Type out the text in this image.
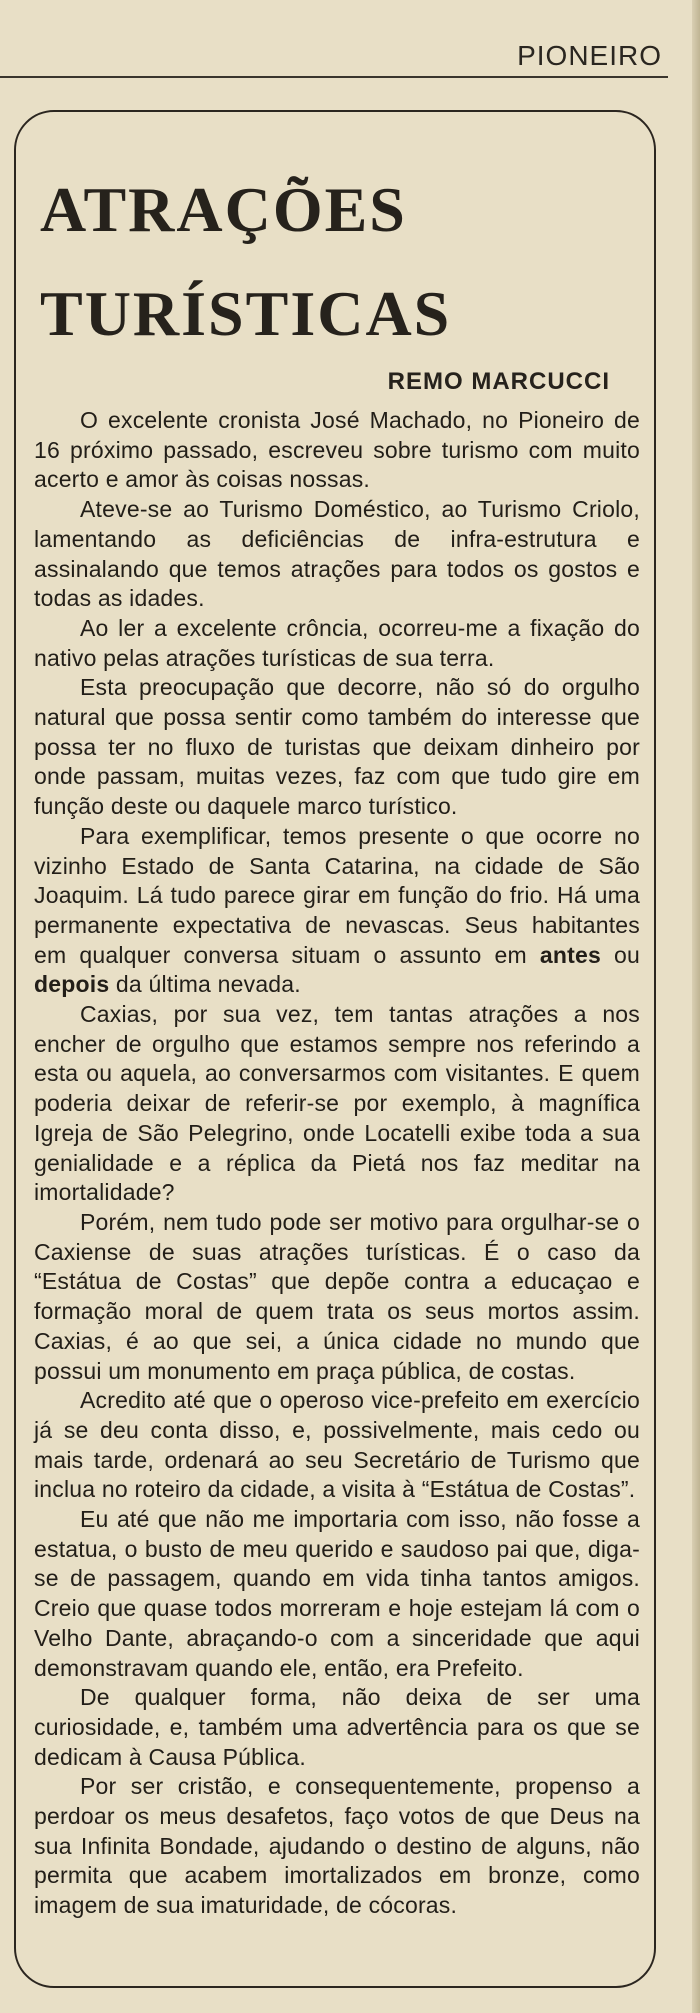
PIONEIRO
ATRAÇÕES
TURÍSTICAS
REMO MARCUCCI

O excelente cronista José Machado, no Pioneiro de 16 próximo passado, escreveu sobre turismo com muito acerto e amor às coisas nossas.

Ateve-se ao Turismo Doméstico, ao Turismo Criolo, lamentando as deficiências de infra-estrutura e assinalando que temos atrações para todos os gostos e todas as idades.

Ao ler a excelente crôncia, ocorreu-me a fixação do nativo pelas atrações turísticas de sua terra.

Esta preocupação que decorre, não só do orgulho natural que possa sentir como também do interesse que possa ter no fluxo de turistas que deixam dinheiro por onde passam, muitas vezes, faz com que tudo gire em função deste ou daquele marco turístico.

Para exemplificar, temos presente o que ocorre no vizinho Estado de Santa Catarina, na cidade de São Joaquim. Lá tudo parece girar em função do frio. Há uma permanente expectativa de nevascas. Seus habitantes em qualquer conversa situam o assunto em antes ou depois da última nevada.

Caxias, por sua vez, tem tantas atrações a nos encher de orgulho que estamos sempre nos referindo a esta ou aquela, ao conversarmos com visitantes. E quem poderia deixar de referir-se por exemplo, à magnífica Igreja de São Pelegrino, onde Locatelli exibe toda a sua genialidade e a réplica da Pietá nos faz meditar na imortalidade?

Porém, nem tudo pode ser motivo para orgulhar-se o Caxiense de suas atrações turísticas. É o caso da “Estátua de Costas” que depõe contra a educaçao e formação moral de quem trata os seus mortos assim. Caxias, é ao que sei, a única cidade no mundo que possui um monumento em praça pública, de costas.

Acredito até que o operoso vice-prefeito em exercício já se deu conta disso, e, possivelmente, mais cedo ou mais tarde, ordenará ao seu Secretário de Turismo que inclua no roteiro da cidade, a visita à “Estátua de Costas”.

Eu até que não me importaria com isso, não fosse a estatua, o busto de meu querido e saudoso pai que, diga-se de passagem, quando em vida tinha tantos amigos. Creio que quase todos morreram e hoje estejam lá com o Velho Dante, abraçando-o com a sinceridade que aqui demonstravam quando ele, então, era Prefeito.

De qualquer forma, não deixa de ser uma curiosidade, e, também uma advertência para os que se dedicam à Causa Pública.

Por ser cristão, e consequentemente, propenso a perdoar os meus desafetos, faço votos de que Deus na sua Infinita Bondade, ajudando o destino de alguns, não permita que acabem imortalizados em bronze, como imagem de sua imaturidade, de cócoras.
